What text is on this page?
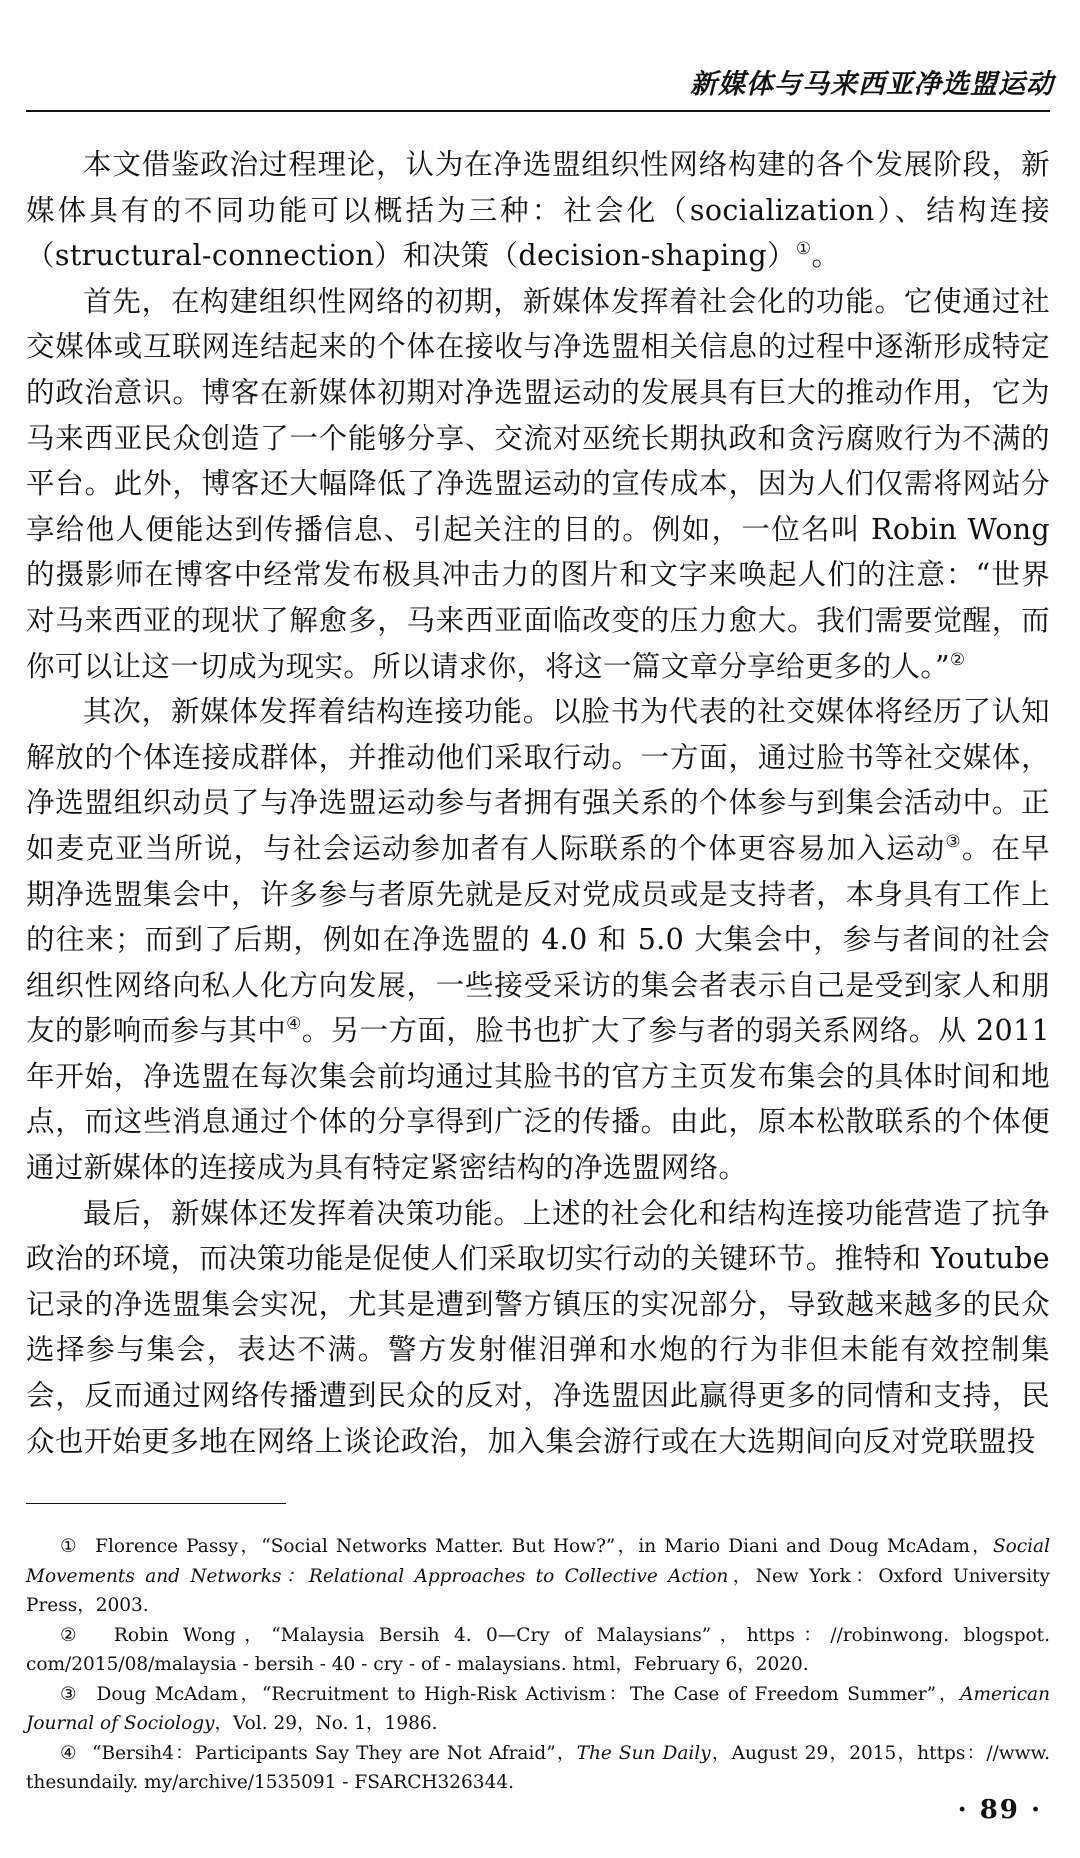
新媒体与马来西亚净选盟运动

本文借鉴政治过程理论，认为在净选盟组织性网络构建的各个发展阶段，新媒体具有的不同功能可以概括为三种：社会化（socialization）、结构连接（structural-connection）和决策（decision-shaping）①。

首先，在构建组织性网络的初期，新媒体发挥着社会化的功能。它使通过社交媒体或互联网连结起来的个体在接收与净选盟相关信息的过程中逐渐形成特定的政治意识。博客在新媒体初期对净选盟运动的发展具有巨大的推动作用，它为马来西亚民众创造了一个能够分享、交流对巫统长期执政和贪污腐败行为不满的平台。此外，博客还大幅降低了净选盟运动的宣传成本，因为人们仅需将网站分享给他人便能达到传播信息、引起关注的目的。例如，一位名叫 Robin Wong 的摄影师在博客中经常发布极具冲击力的图片和文字来唤起人们的注意：“世界对马来西亚的现状了解愈多，马来西亚面临改变的压力愈大。我们需要觉醒，而你可以让这一切成为现实。所以请求你，将这一篇文章分享给更多的人。”②

其次，新媒体发挥着结构连接功能。以脸书为代表的社交媒体将经历了认知解放的个体连接成群体，并推动他们采取行动。一方面，通过脸书等社交媒体，净选盟组织动员了与净选盟运动参与者拥有强关系的个体参与到集会活动中。正如麦克亚当所说，与社会运动参加者有人际联系的个体更容易加入运动③。在早期净选盟集会中，许多参与者原先就是反对党成员或是支持者，本身具有工作上的往来；而到了后期，例如在净选盟的 4.0 和 5.0 大集会中，参与者间的社会组织性网络向私人化方向发展，一些接受采访的集会者表示自己是受到家人和朋友的影响而参与其中④。另一方面，脸书也扩大了参与者的弱关系网络。从 2011 年开始，净选盟在每次集会前均通过其脸书的官方主页发布集会的具体时间和地点，而这些消息通过个体的分享得到广泛的传播。由此，原本松散联系的个体便通过新媒体的连接成为具有特定紧密结构的净选盟网络。

最后，新媒体还发挥着决策功能。上述的社会化和结构连接功能营造了抗争政治的环境，而决策功能是促使人们采取切实行动的关键环节。推特和 Youtube 记录的净选盟集会实况，尤其是遭到警方镇压的实况部分，导致越来越多的民众选择参与集会，表达不满。警方发射催泪弹和水炮的行为非但未能有效控制集会，反而通过网络传播遭到民众的反对，净选盟因此赢得更多的同情和支持，民众也开始更多地在网络上谈论政治，加入集会游行或在大选期间向反对党联盟投

① Florence Passy，“Social Networks Matter. But How?”，in Mario Diani and Doug McAdam，Social Movements and Networks：Relational Approaches to Collective Action，New York：Oxford University Press，2003.

② Robin Wong，“Malaysia Bersih 4. 0—Cry of Malaysians”，https：//robinwong. blogspot. com/2015/08/malaysia - bersih - 40 - cry - of - malaysians. html，February 6，2020.

③ Doug McAdam，“Recruitment to High-Risk Activism：The Case of Freedom Summer”，American Journal of Sociology，Vol. 29，No. 1，1986.

④ “Bersih4：Participants Say They are Not Afraid”，The Sun Daily，August 29，2015，https：//www. thesundaily. my/archive/1535091 - FSARCH326344.

· 89 ·
